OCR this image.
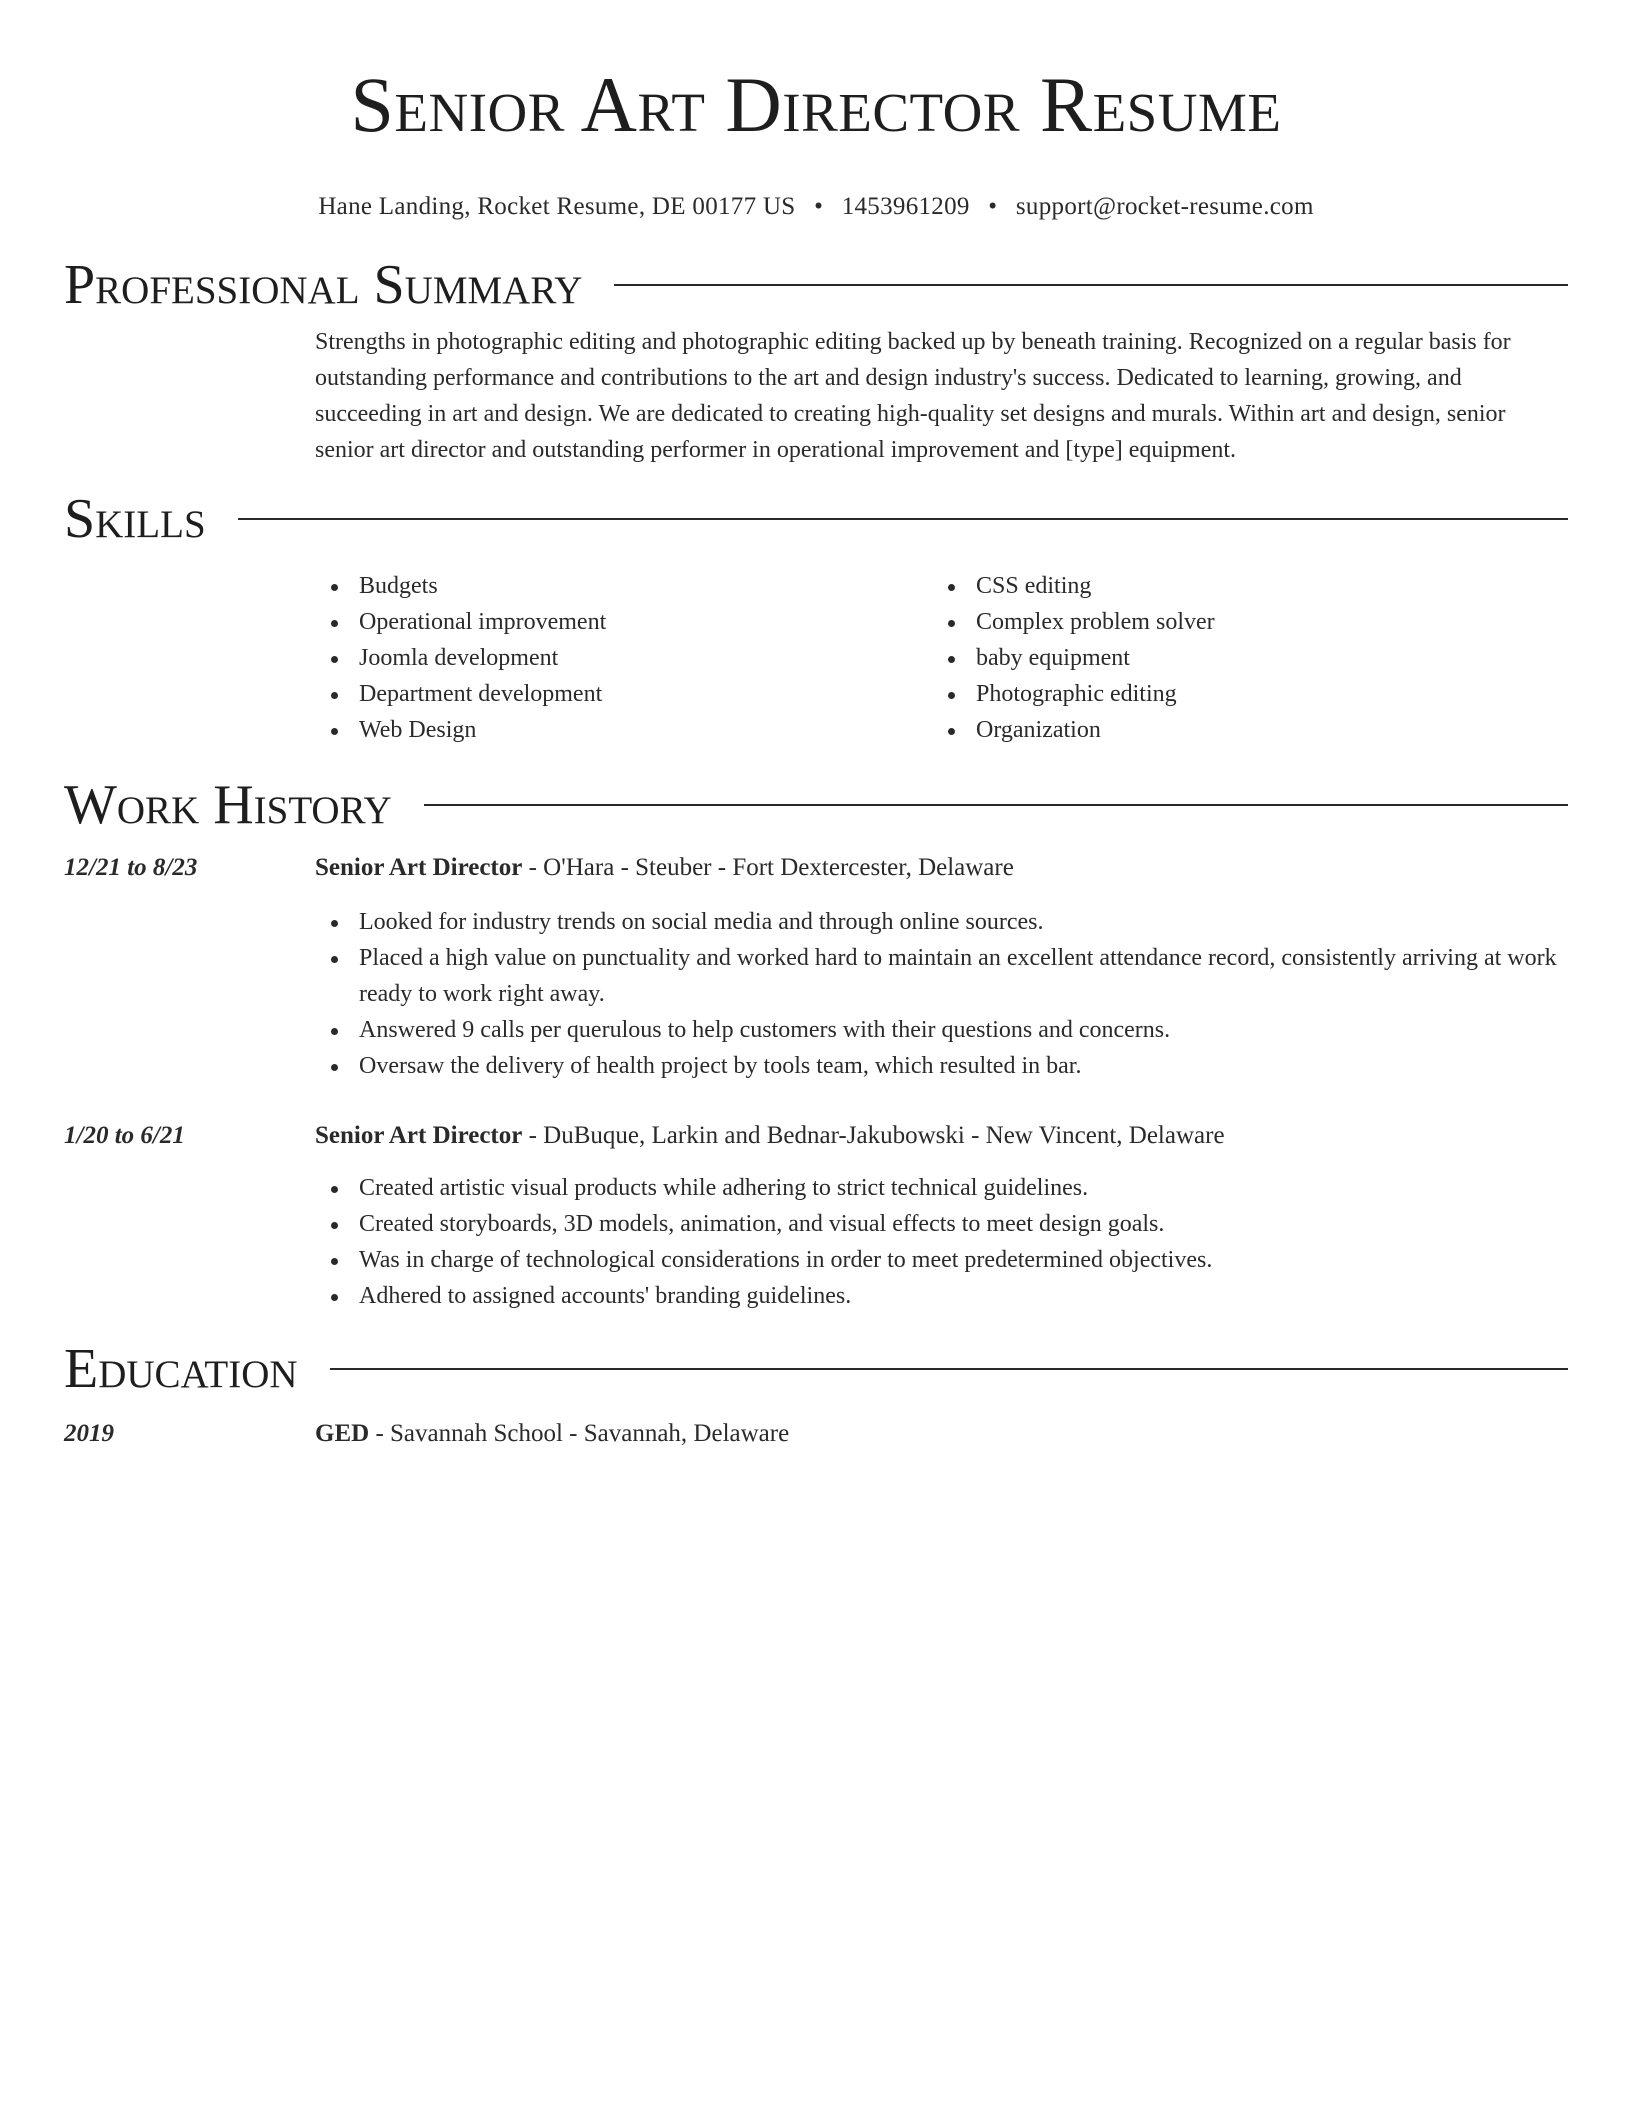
Senior Art Director Resume
Hane Landing, Rocket Resume, DE 00177 US • 1453961209 • support@rocket-resume.com
Professional Summary

Strengths in photographic editing and photographic editing backed up by beneath training. Recognized on a regular basis for outstanding performance and contributions to the art and design industry's success. Dedicated to learning, growing, and succeeding in art and design. We are dedicated to creating high-quality set designs and murals. Within art and design, senior senior art director and outstanding performer in operational improvement and [type] equipment.

Skills
Budgets
Operational improvement
Joomla development
Department development
Web Design
CSS editing
Complex problem solver
baby equipment
Photographic editing
Organization
Work History
12/21 to 8/23	Senior Art Director - O'Hara - Steuber - Fort Dextercester, Delaware
Looked for industry trends on social media and through online sources.
Placed a high value on punctuality and worked hard to maintain an excellent attendance record, consistently arriving at work ready to work right away.
Answered 9 calls per querulous to help customers with their questions and concerns.
Oversaw the delivery of health project by tools team, which resulted in bar.
1/20 to 6/21	Senior Art Director - DuBuque, Larkin and Bednar-Jakubowski - New Vincent, Delaware
Created artistic visual products while adhering to strict technical guidelines.
Created storyboards, 3D models, animation, and visual effects to meet design goals.
Was in charge of technological considerations in order to meet predetermined objectives.
Adhered to assigned accounts' branding guidelines.
Education
2019	GED - Savannah School - Savannah, Delaware
